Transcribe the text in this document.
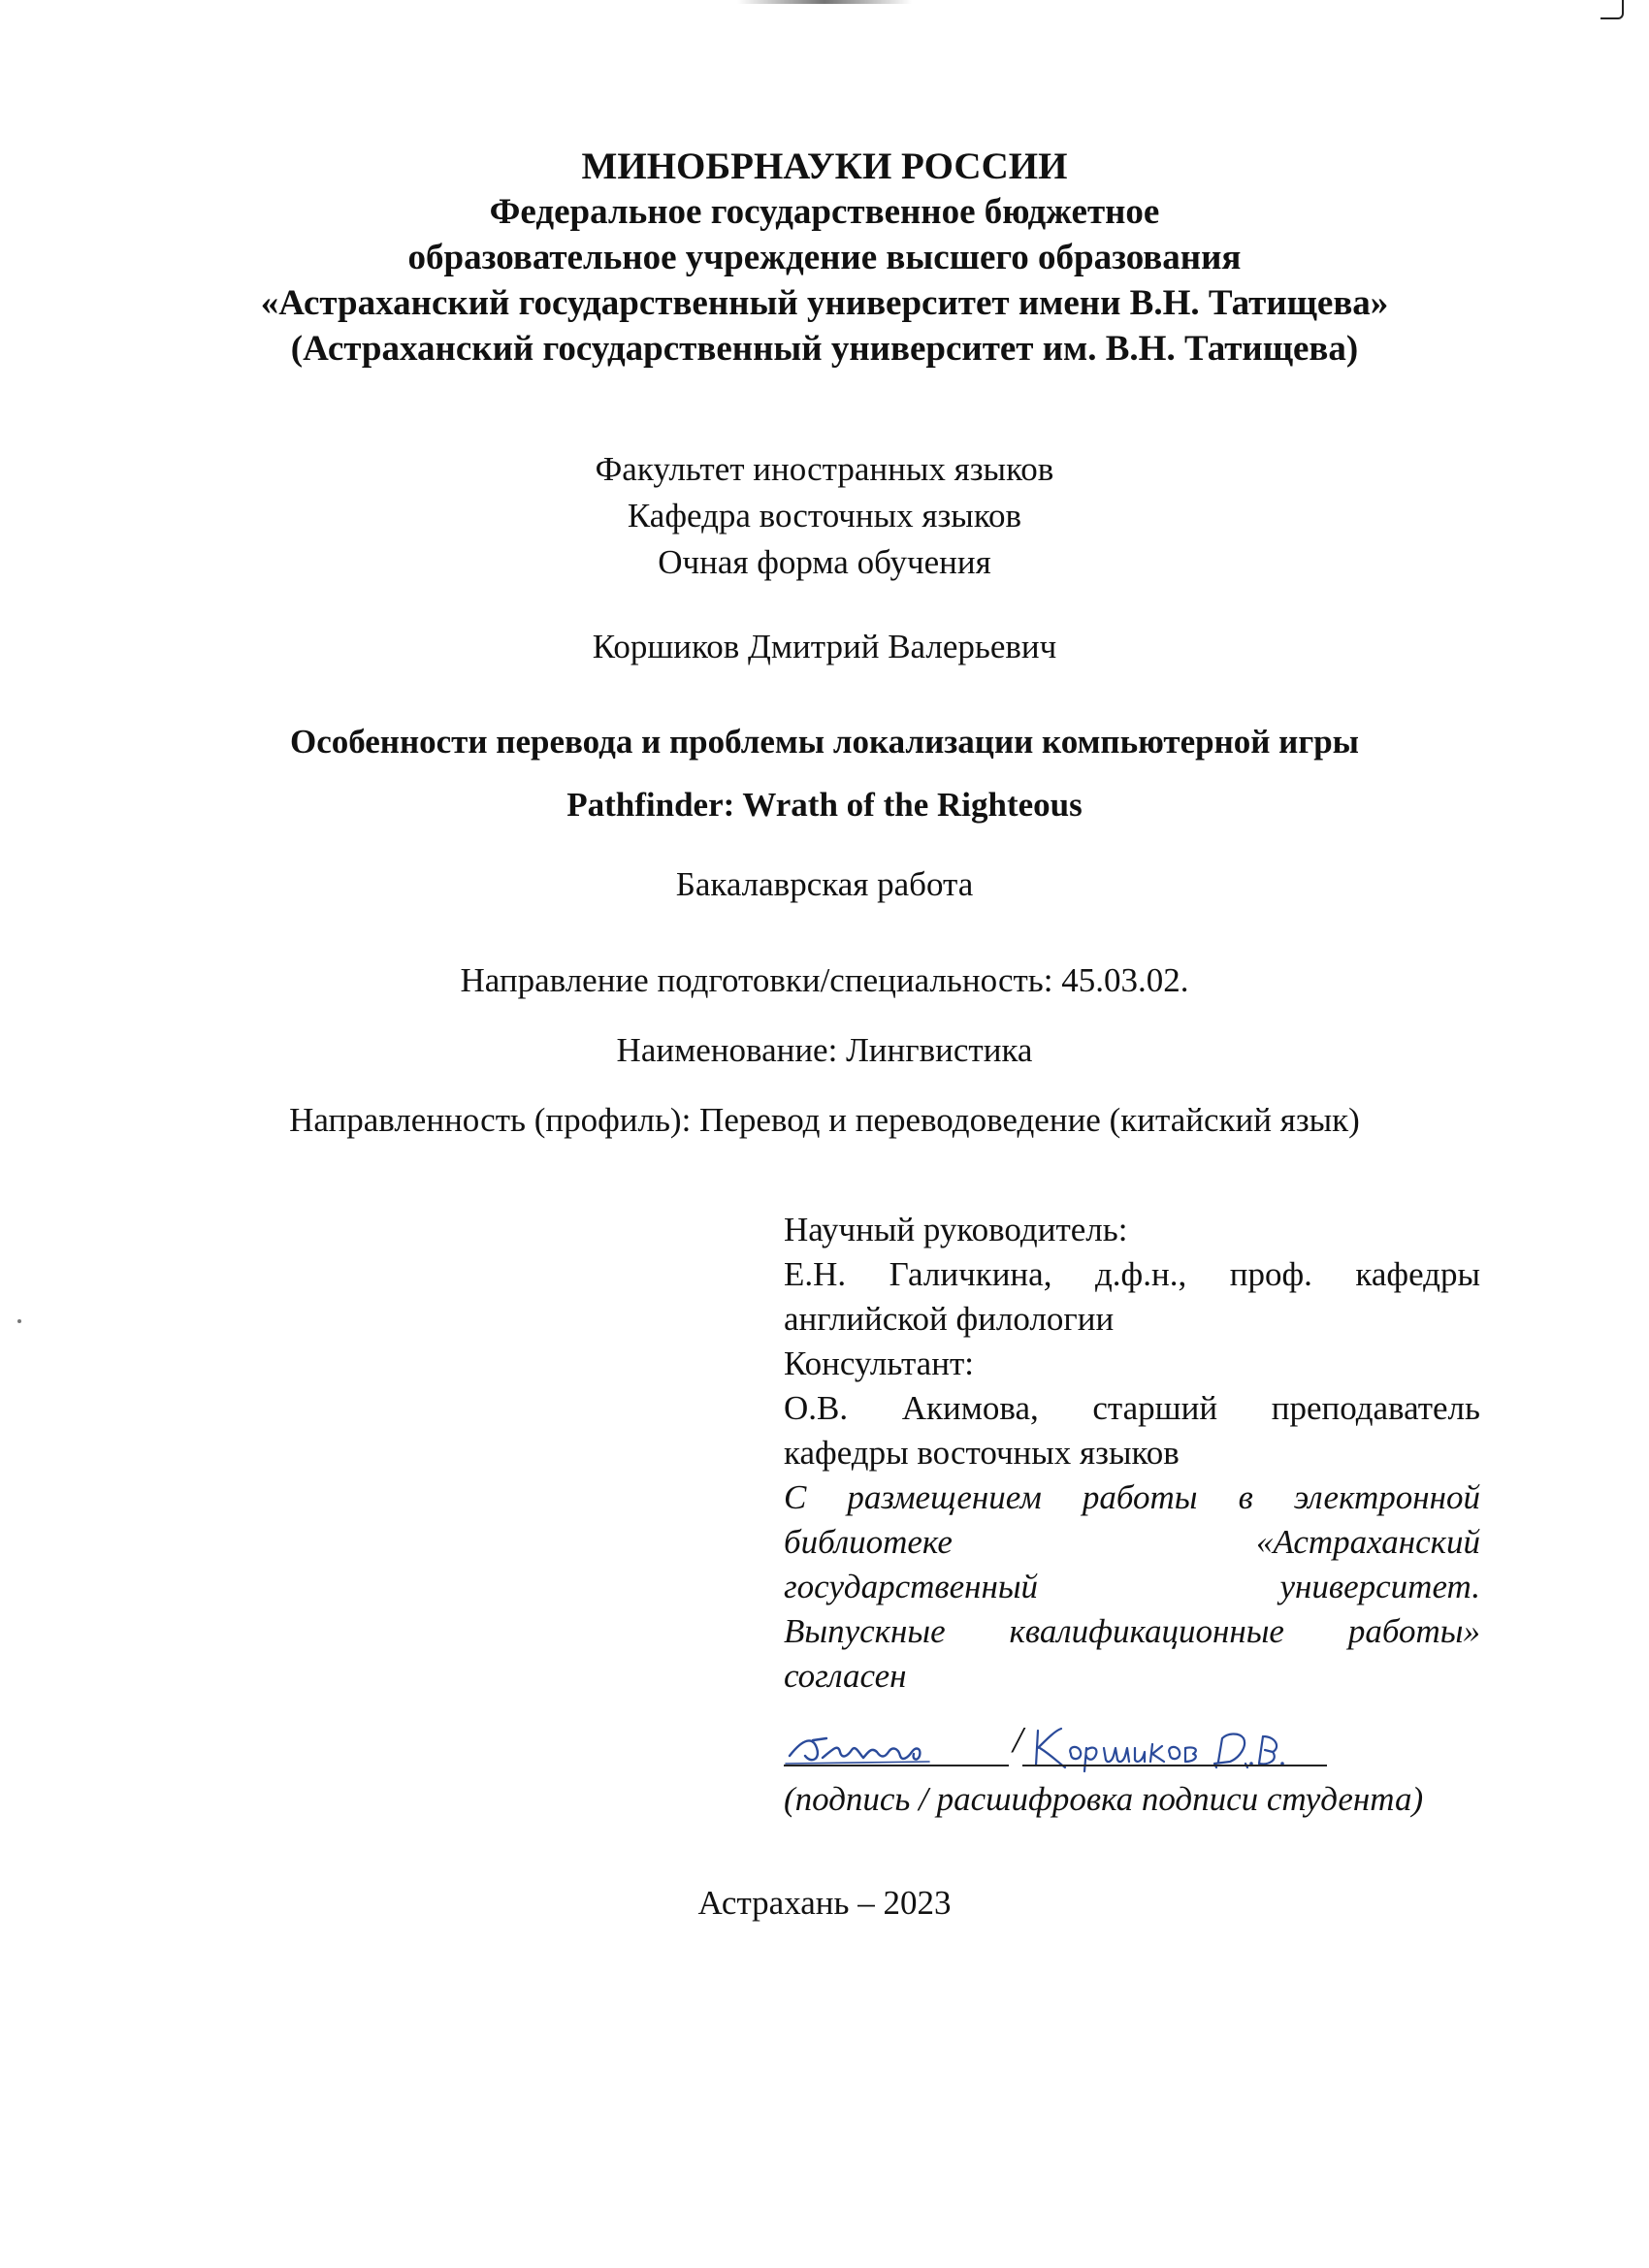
МИНОБРНАУКИ РОССИИ
Федеральное государственное бюджетное
образовательное учреждение высшего образования
«Астраханский государственный университет имени В.Н. Татищева»
(Астраханский государственный университет им. В.Н. Татищева)
Факультет иностранных языков
Кафедра восточных языков
Очная форма обучения
Коршиков Дмитрий Валерьевич
Особенности перевода и проблемы локализации компьютерной игры
Pathfinder: Wrath of the Righteous
Бакалаврская работа
Направление подготовки/специальность: 45.03.02.
Наименование: Лингвистика
Направленность (профиль): Перевод и переводоведение (китайский язык)
Научный руководитель:
Е.Н. Галичкина, д.ф.н., проф. кафедры
английской филологии
Консультант:
О.В. Акимова, старший преподаватель
кафедры восточных языков
С размещением работы в электронной
библиотеке «Астраханский
государственный университет.
Выпускные квалификационные работы»
согласен
/
(подпись / расшифровка подписи студента)
Астрахань – 2023
